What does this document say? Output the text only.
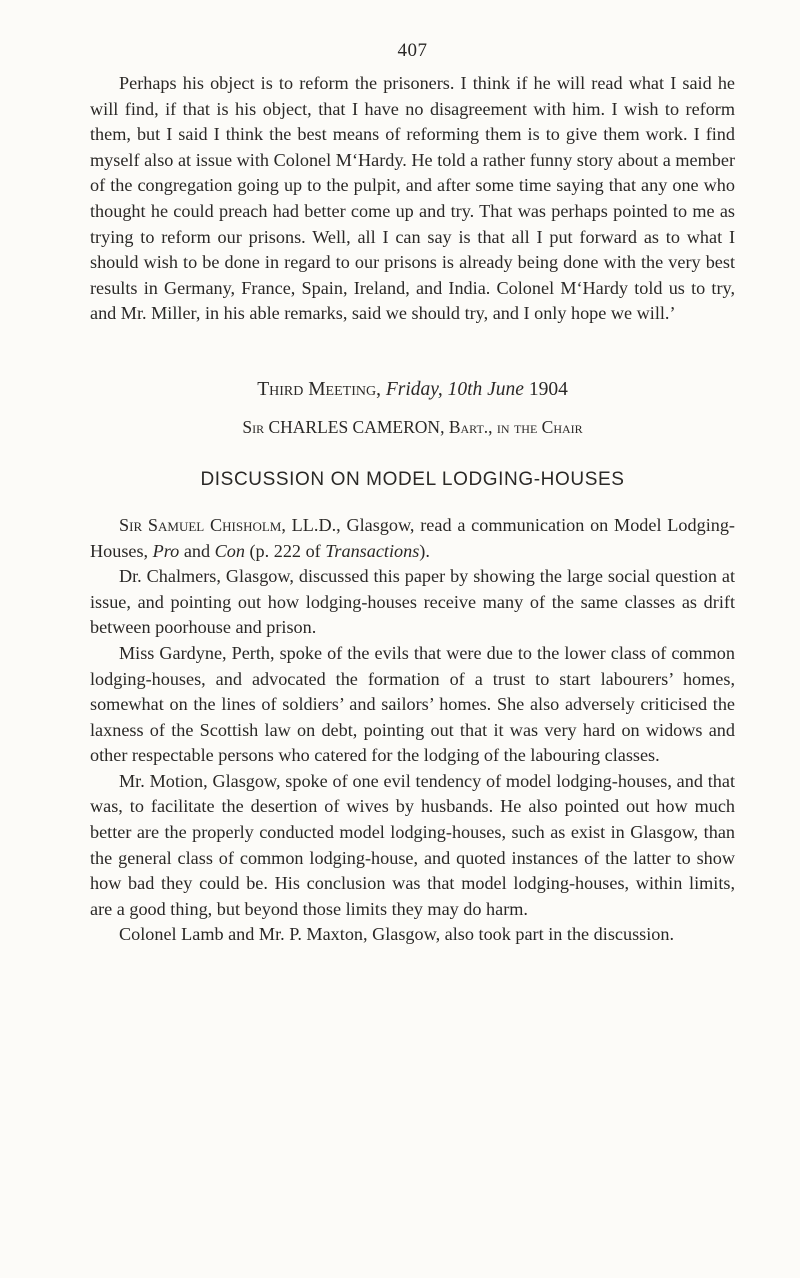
407

Perhaps his object is to reform the prisoners. I think if he will read what I said he will find, if that is his object, that I have no disagreement with him. I wish to reform them, but I said I think the best means of reforming them is to give them work. I find myself also at issue with Colonel M‘Hardy. He told a rather funny story about a member of the congregation going up to the pulpit, and after some time saying that any one who thought he could preach had better come up and try. That was perhaps pointed to me as trying to reform our prisons. Well, all I can say is that all I put forward as to what I should wish to be done in regard to our prisons is already being done with the very best results in Germany, France, Spain, Ireland, and India. Colonel M‘Hardy told us to try, and Mr. Miller, in his able remarks, said we should try, and I only hope we will.’

Third Meeting, Friday, 10th June 1904
Sir CHARLES CAMERON, Bart., in the Chair
DISCUSSION ON MODEL LODGING-HOUSES

Sir Samuel Chisholm, LL.D., Glasgow, read a communication on Model Lodging-Houses, Pro and Con (p. 222 of Transactions).

Dr. Chalmers, Glasgow, discussed this paper by showing the large social question at issue, and pointing out how lodging-houses receive many of the same classes as drift between poorhouse and prison.

Miss Gardyne, Perth, spoke of the evils that were due to the lower class of common lodging-houses, and advocated the formation of a trust to start labourers’ homes, somewhat on the lines of soldiers’ and sailors’ homes. She also adversely criticised the laxness of the Scottish law on debt, pointing out that it was very hard on widows and other respectable persons who catered for the lodging of the labouring classes.

Mr. Motion, Glasgow, spoke of one evil tendency of model lodging-houses, and that was, to facilitate the desertion of wives by husbands. He also pointed out how much better are the properly conducted model lodging-houses, such as exist in Glasgow, than the general class of common lodging-house, and quoted instances of the latter to show how bad they could be. His conclusion was that model lodging-houses, within limits, are a good thing, but beyond those limits they may do harm.

Colonel Lamb and Mr. P. Maxton, Glasgow, also took part in the discussion.
